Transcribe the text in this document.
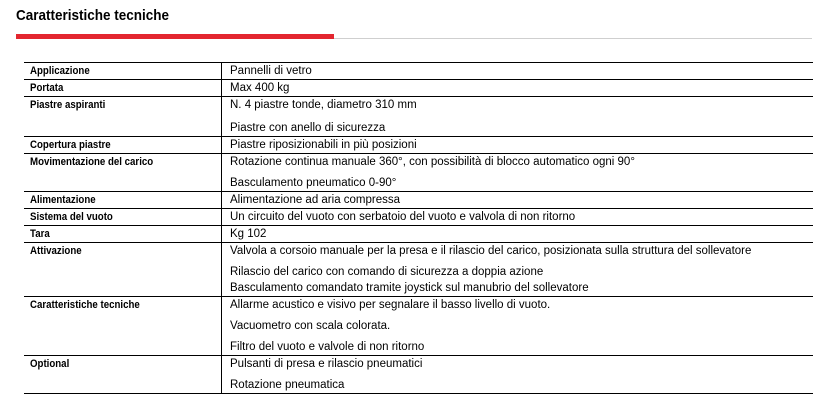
Caratteristiche tecniche
Applicazione	Pannelli di vetro
Portata	Max 400 kg
Piastre aspiranti	N. 4 piastre tonde, diametro 310 mm
Piastre con anello di sicurezza
Copertura piastre	Piastre riposizionabili in più posizioni
Movimentazione del carico	Rotazione continua manuale 360°, con possibilità di blocco automatico ogni 90°
Basculamento pneumatico 0-90°
Alimentazione	Alimentazione ad aria compressa
Sistema del vuoto	Un circuito del vuoto con serbatoio del vuoto e valvola di non ritorno
Tara	Kg 102
Attivazione	Valvola a corsoio manuale per la presa e il rilascio del carico, posizionata sulla struttura del sollevatore
Rilascio del carico con comando di sicurezza a doppia azione
Basculamento comandato tramite joystick sul manubrio del sollevatore
Caratteristiche tecniche	Allarme acustico e visivo per segnalare il basso livello di vuoto.
Vacuometro con scala colorata.
Filtro del vuoto e valvole di non ritorno
Optional	Pulsanti di presa e rilascio pneumatici
Rotazione pneumatica
